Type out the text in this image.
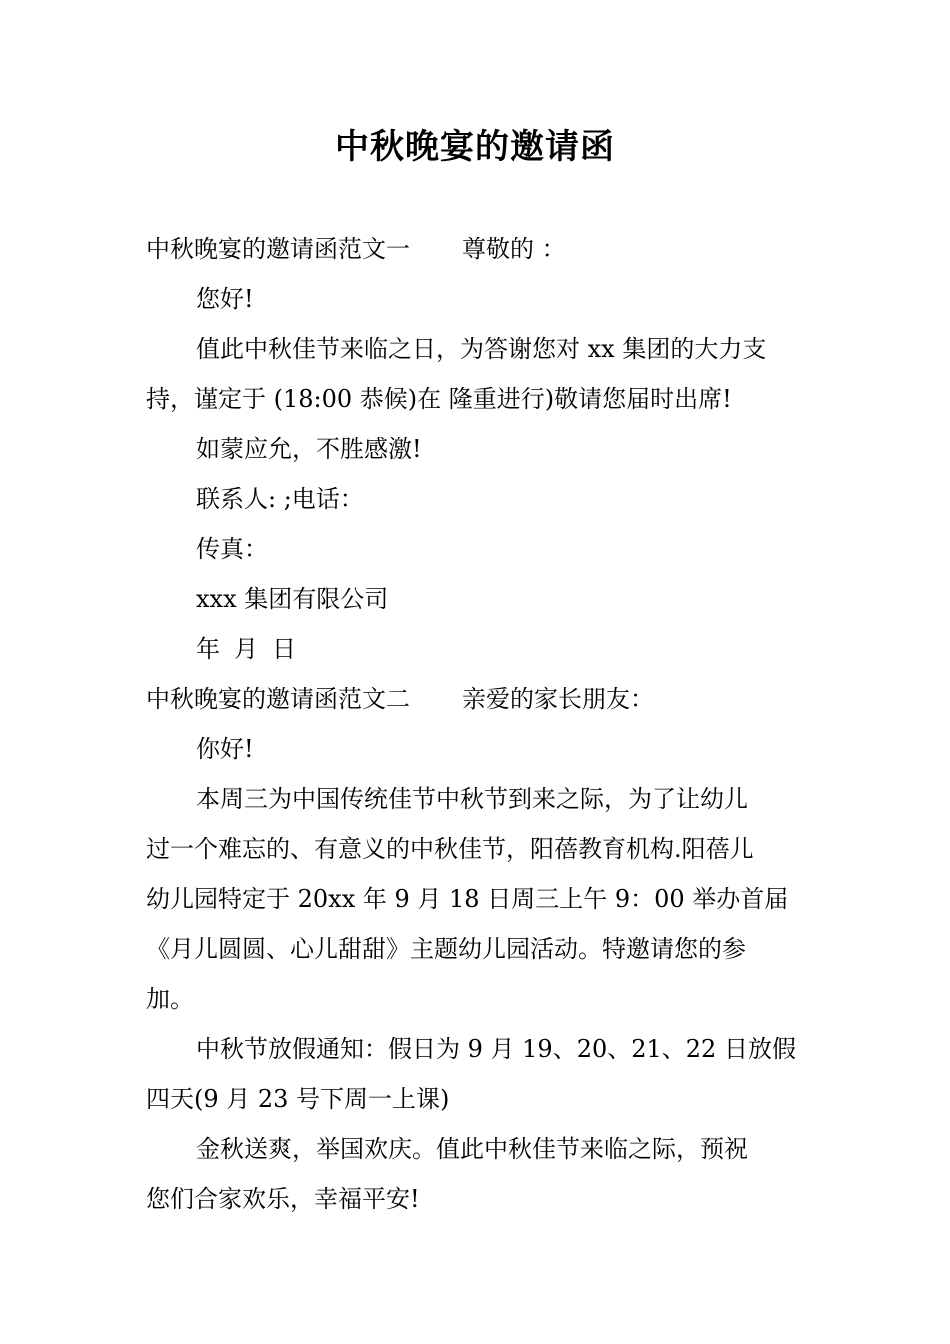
中秋晚宴的邀请函
中秋晚宴的邀请函范文一 尊敬的 ：
您好!
值此中秋佳节来临之日，为答谢您对 xx 集团的大力支
持，谨定于 (18:00 恭候)在 隆重进行)敬请您届时出席!
如蒙应允，不胜感激!
联系人: ;电话：
传真：
xxx 集团有限公司
年 月 日
中秋晚宴的邀请函范文二 亲爱的家长朋友：
你好!
本周三为中国传统佳节中秋节到来之际，为了让幼儿
过一个难忘的、有意义的中秋佳节，阳蓓教育机构.阳蓓儿
幼儿园特定于 20xx 年 9 月 18 日周三上午 9：00 举办首届
《月儿圆圆、心儿甜甜》主题幼儿园活动。特邀请您的参
加。
中秋节放假通知：假日为 9 月 19、20、21、22 日放假
四天(9 月 23 号下周一上课)
金秋送爽，举国欢庆。值此中秋佳节来临之际，预祝
您们合家欢乐，幸福平安!
